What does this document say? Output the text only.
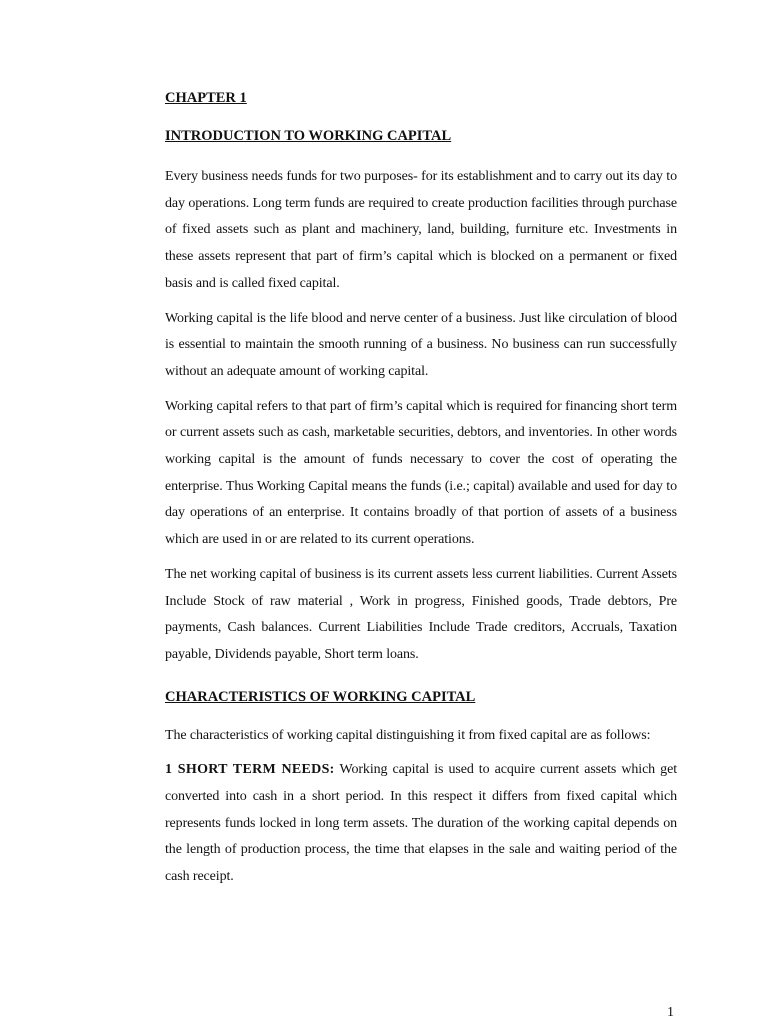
CHAPTER 1

INTRODUCTION TO WORKING CAPITAL

Every business needs funds for two purposes- for its establishment and to carry out its day to day operations. Long term funds are required to create production facilities through purchase of fixed assets such as plant and machinery, land, building, furniture etc. Investments in these assets represent that part of firm’s capital which is blocked on a permanent or fixed basis and is called fixed capital.

Working capital is the life blood and nerve center of a business. Just like circulation of blood is essential to maintain the smooth running of a business. No business can run successfully without an adequate amount of working capital.

Working capital refers to that part of firm’s capital which is required for financing short term or current assets such as cash, marketable securities, debtors, and inventories. In other words working capital is the amount of funds necessary to cover the cost of operating the enterprise. Thus Working Capital means the funds (i.e.; capital) available and used for day to day operations of an enterprise. It contains broadly of that portion of assets of a business which are used in or are related to its current operations.

The net working capital of business is its current assets less current liabilities. Current Assets Include Stock of raw material , Work in progress, Finished goods, Trade debtors, Pre payments, Cash balances. Current Liabilities Include Trade creditors, Accruals, Taxation payable, Dividends payable, Short term loans.

CHARACTERISTICS OF WORKING CAPITAL

The characteristics of working capital distinguishing it from fixed capital are as follows:

1 SHORT TERM NEEDS: Working capital is used to acquire current assets which get converted into cash in a short period. In this respect it differs from fixed capital which represents funds locked in long term assets. The duration of the working capital depends on the length of production process, the time that elapses in the sale and waiting period of the cash receipt.

1
